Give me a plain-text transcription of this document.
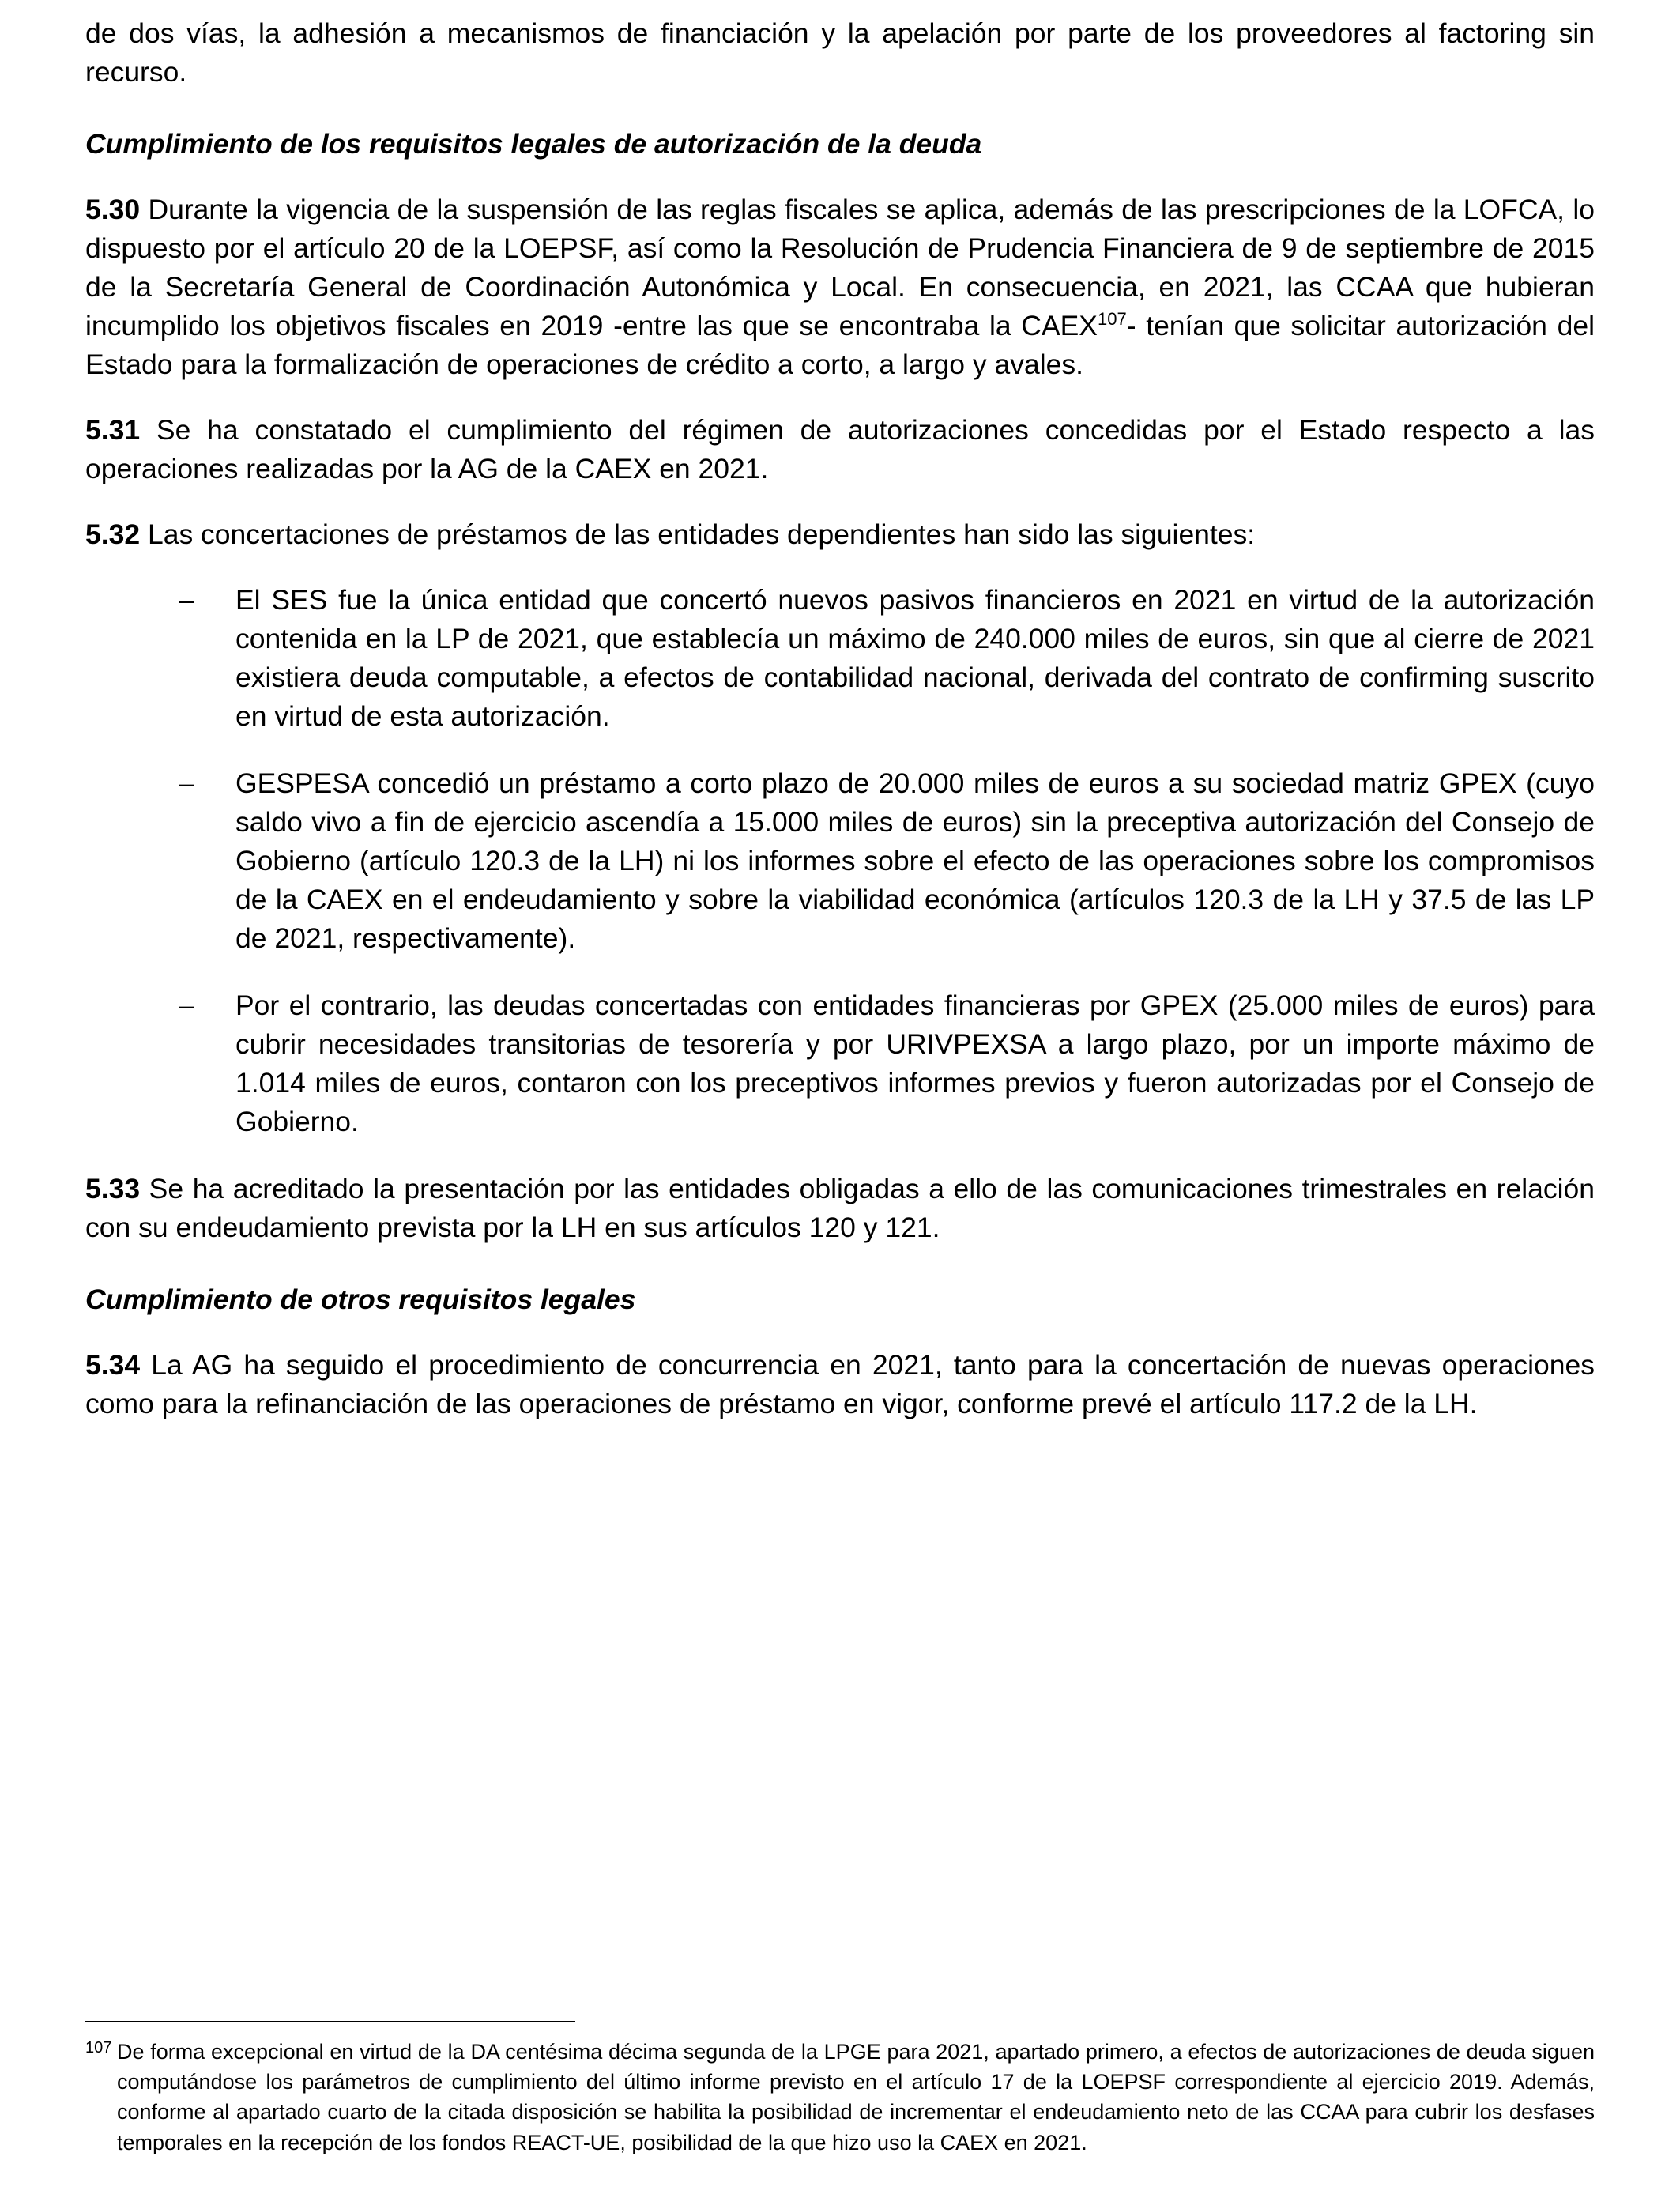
de dos vías, la adhesión a mecanismos de financiación y la apelación por parte de los proveedores al factoring sin recurso.

Cumplimiento de los requisitos legales de autorización de la deuda

5.30 Durante la vigencia de la suspensión de las reglas fiscales se aplica, además de las prescripciones de la LOFCA, lo dispuesto por el artículo 20 de la LOEPSF, así como la Resolución de Prudencia Financiera de 9 de septiembre de 2015 de la Secretaría General de Coordinación Autonómica y Local. En consecuencia, en 2021, las CCAA que hubieran incumplido los objetivos fiscales en 2019 -entre las que se encontraba la CAEX$^{107}$- tenían que solicitar autorización del Estado para la formalización de operaciones de crédito a corto, a largo y avales.

5.31 Se ha constatado el cumplimiento del régimen de autorizaciones concedidas por el Estado respecto a las operaciones realizadas por la AG de la CAEX en 2021.

5.32 Las concertaciones de préstamos de las entidades dependientes han sido las siguientes:

–	El SES fue la única entidad que concertó nuevos pasivos financieros en 2021 en virtud de la autorización contenida en la LP de 2021, que establecía un máximo de 240.000 miles de euros, sin que al cierre de 2021 existiera deuda computable, a efectos de contabilidad nacional, derivada del contrato de confirming suscrito en virtud de esta autorización.
–	GESPESA concedió un préstamo a corto plazo de 20.000 miles de euros a su sociedad matriz GPEX (cuyo saldo vivo a fin de ejercicio ascendía a 15.000 miles de euros) sin la preceptiva autorización del Consejo de Gobierno (artículo 120.3 de la LH) ni los informes sobre el efecto de las operaciones sobre los compromisos de la CAEX en el endeudamiento y sobre la viabilidad económica (artículos 120.3 de la LH y 37.5 de las LP de 2021, respectivamente).
–	Por el contrario, las deudas concertadas con entidades financieras por GPEX (25.000 miles de euros) para cubrir necesidades transitorias de tesorería y por URIVPEXSA a largo plazo, por un importe máximo de 1.014 miles de euros, contaron con los preceptivos informes previos y fueron autorizadas por el Consejo de Gobierno.

5.33 Se ha acreditado la presentación por las entidades obligadas a ello de las comunicaciones trimestrales en relación con su endeudamiento prevista por la LH en sus artículos 120 y 121.

Cumplimiento de otros requisitos legales

5.34 La AG ha seguido el procedimiento de concurrencia en 2021, tanto para la concertación de nuevas operaciones como para la refinanciación de las operaciones de préstamo en vigor, conforme prevé el artículo 117.2 de la LH.

107 De forma excepcional en virtud de la DA centésima décima segunda de la LPGE para 2021, apartado primero, a efectos de autorizaciones de deuda siguen computándose los parámetros de cumplimiento del último informe previsto en el artículo 17 de la LOEPSF correspondiente al ejercicio 2019. Además, conforme al apartado cuarto de la citada disposición se habilita la posibilidad de incrementar el endeudamiento neto de las CCAA para cubrir los desfases temporales en la recepción de los fondos REACT-UE, posibilidad de la que hizo uso la CAEX en 2021.
